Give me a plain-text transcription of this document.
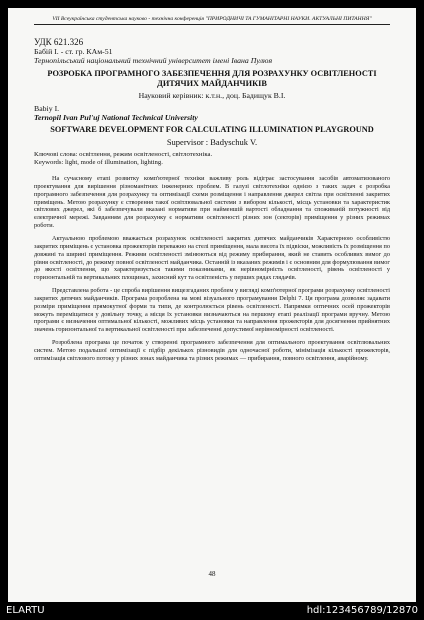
VII Всеукраїнська студентська науково - технічна конференція "ПРИРОДНИЧІ ТА ГУМАНІТАРНІ НАУКИ. АКТУАЛЬНІ ПИТАННЯ"

УДК 621.326

Бабій І. - ст. гр. КАм-51

Тернопільський національний технічний університет імені Івана Пулюя

РОЗРОБКА ПРОГРАМНОГО ЗАБЕЗПЕЧЕННЯ ДЛЯ РОЗРАХУНКУ ОСВІТЛЕНОСТІ ДИТЯЧИХ МАЙДАНЧИКІВ
Науковий керівник: к.т.н., доц. Бадищук В.І.

Babiy I.

Ternopil Ivan Pul'uj National Technical University

SOFTWARE DEVELOPMENT FOR CALCULATING ILLUMINATION PLAYGROUND
Supervisor : Badyschuk V.

Ключові слова: освітлення, режим освітленості, світлотехніка.

Keywords: light, mode of illumination, lighting.

На сучасному етапі розвитку комп'ютерної техніки важливу роль відіграє застосування засобів автоматизованого проектування для вирішення різноманітних інженерних проблем. В галузі світлотехніки однією з таких задач є розробка програмного забезпечення для розрахунку та оптимізації схеми розміщення і направлення джерел світла при освітленні закритих приміщень. Метою розрахунку є створення такої освітлювальної системи з вибором кількості, місць установки та характеристик світлових джерел, які б забезпечували вказані нормативи при найменшій вартості обладнання та споживаній потужності від електричної мережі. Завданням для розрахунку є нормативи освітленості різних зон (секторів) приміщення у різних режимах роботи.

Актуальною проблемою вважається розрахунок освітленості закритих дитячих майданчиків Характерною особливістю закритих приміщень є установка прожекторів переважно на стелі приміщення, мала висота їх підвіски, можливість їх розміщення по довжині та ширині приміщення. Режими освітленості змінюються від режиму прибирання, який не ставить особливих вимог до рівня освітленості, до режиму повної освітленості майданчика. Останній із вказаних режимів і є основним для формулювання вимог до якості освітлення, що характеризується такими показниками, як нерівномірність освітленості, рівень освітленості у горизонтальній та вертикальних площинах, захисний кут та освітленість у перших рядах глядачів.

Представлена робота - це спроба вирішення вищезгаданих проблем у вигляді комп'ютерної програми розрахунку освітленості закритих дитячих майданчиків. Програма розроблена на мові візуального програмування Delphi 7. Ця програма дозволяє задавати розміри приміщення прямокутної форми та типи, де контролюється рівень освітленості. Напрямки оптичних осей прожекторів можуть переміщатися у довільну точку, а місця їх установки визначаються на першому етапі реалізації програми вручну. Метою програми є визначення оптимальної кількості, можливих місць установки та направлення прожекторів для досягнення прийнятних значень горизонтальної та вертикальної освітленості при забезпеченні допустимої нерівномірності освітленості.

Розроблена програма це початок у створенні програмного забезпечення для оптимального проектування освітлювальних систем. Метою подальшої оптимізації є підбір декількох різновидів для одночасної роботи, мінімізація кількості прожекторів, оптимізація світлового потоку у різних зонах майданчика та різних режимах — прибирання, повного освітлення, аварійному.

48
ELARTU	hdl:123456789/12870
